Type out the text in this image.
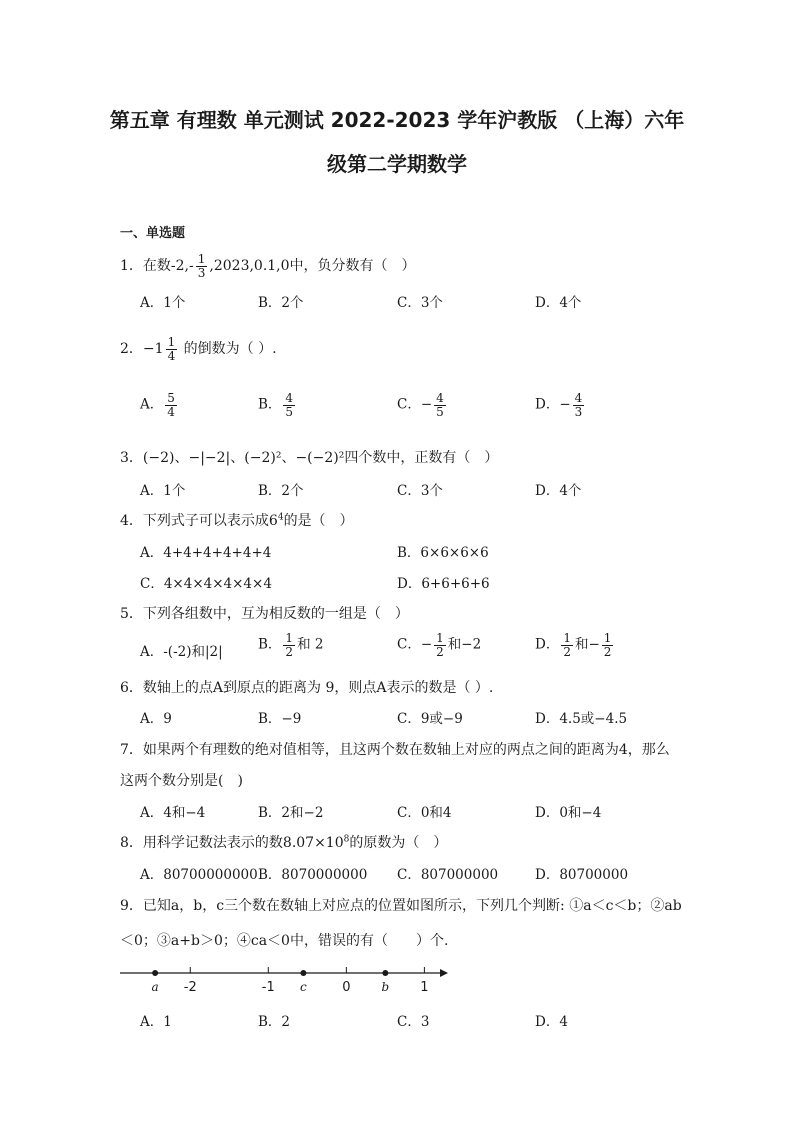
第五章 有理数 单元测试 2022-2023 学年沪教版 （上海）六年
级第二学期数学
一、单选题
1．在数$-2,- \frac{1}{3} ,2023,0.1,0$中，负分数有（　）
A．1个	B．2个	C．3个	D．4个
2．$-1 \frac{1}{4}$ 的倒数为（ ）.
A． $\frac{5}{4}$	B． $\frac{4}{5}$	C．− $\frac{4}{5}$	D．− $\frac{4}{3}$
3．(−2)、−|−2|、(−2)²、−(−2)²四个数中，正数有（　）
A．1个	B．2个	C．3个	D．4个
4．下列式子可以表示成$6^4$的是（　）
A．4+4+4+4+4+4	B．6×6×6×6
C．4×4×4×4×4×4	D．6+6+6+6
5．下列各组数中，互为相反数的一组是（　）
A．-(-2)和|2|	B． $\frac{1}{2}$ 和 2	C．− $\frac{1}{2}$ 和−2	D． $\frac{1}{2}$ 和− $\frac{1}{2}$
6．数轴上的点A到原点的距离为 9，则点A表示的数是（ ）.
A．9	B．−9	C．9或−9	D．4.5或−4.5
7．如果两个有理数的绝对值相等，且这两个数在数轴上对应的两点之间的距离为4，那么
这两个数分别是(　)
A．4和−4	B．2和−2	C．0和4	D．0和−4
8．用科学记数法表示的数$8.07\times 10^8$的原数为（　）
A．80700000000 B．8070000000 C．807000000	D．80700000
9．已知a，b，c三个数在数轴上对应点的位置如图所示，下列几个判断: ①a＜c＜b；②ab
＜0；③a+b＞0；④ca＜0中，错误的有（　　）个.
-2	-1	0	1
a	c	b
A．1	B．2	C．3	D．4
